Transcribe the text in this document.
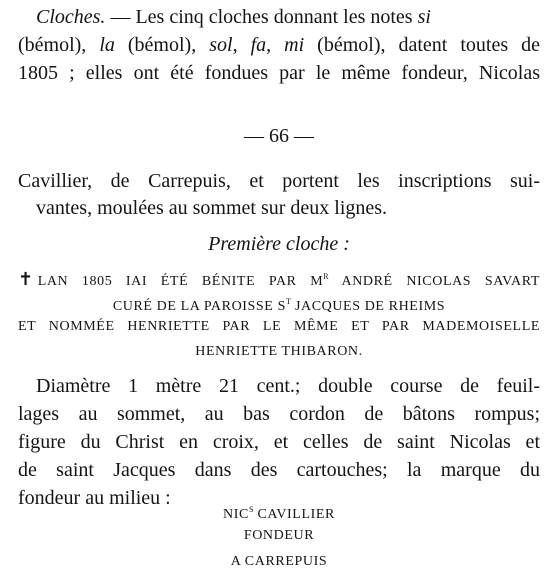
Cloches. — Les cinq cloches donnant les notes si
(bémol), la (bémol), sol, fa, mi (bémol), datent toutes de
1805 ; elles ont été fondues par le même fondeur, Nicolas
— 66 —
Cavillier, de Carrepuis, et portent les inscriptions sui-
vantes, moulées au sommet sur deux lignes.
Première cloche :
✝ LAN 1805 IAI ÉTÉ BÉNITE PAR $M^R$ ANDRÉ NICOLAS SAVART
CURÉ DE LA PAROISSE $S^T$ JACQUES DE RHEIMS
ET NOMMÉE HENRIETTE PAR LE MÊME ET PAR MADEMOISELLE
HENRIETTE THIBARON.
Diamètre 1 mètre 21 cent.; double course de feuil-
lages au sommet, au bas cordon de bâtons rompus;
figure du Christ en croix, et celles de saint Nicolas et
de saint Jacques dans des cartouches; la marque du
fondeur au milieu :
$NIC^S$ CAVILLIER
FONDEUR
A CARREPUIS
